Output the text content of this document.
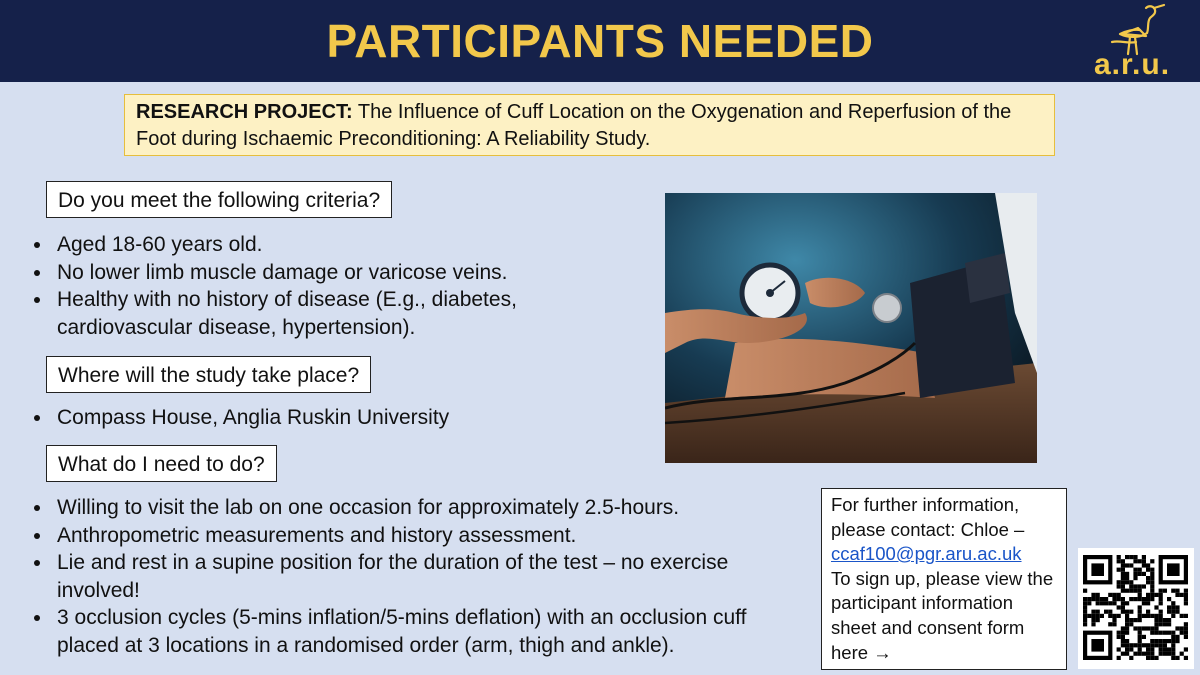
PARTICIPANTS NEEDED	a.r.u.
RESEARCH PROJECT: The Influence of Cuff Location on the Oxygenation and Reperfusion of the Foot during Ischaemic Preconditioning: A Reliability Study.
Do you meet the following criteria?
Aged 18-60 years old.
No lower limb muscle damage or varicose veins.
Healthy with no history of disease (E.g., diabetes, cardiovascular disease, hypertension).
Where will the study take place?
Compass House, Anglia Ruskin University
What do I need to do?
Willing to visit the lab on one occasion for approximately 2.5-hours.
Anthropometric measurements and history assessment.
Lie and rest in a supine position for the duration of the test – no exercise involved!
3 occlusion cycles (5-mins inflation/5-mins deflation) with an occlusion cuff placed at 3 locations in a randomised order (arm, thigh and ankle).
For further information, please contact: Chloe –
ccaf100@pgr.aru.ac.uk
To sign up, please view the participant information sheet and consent form here →
